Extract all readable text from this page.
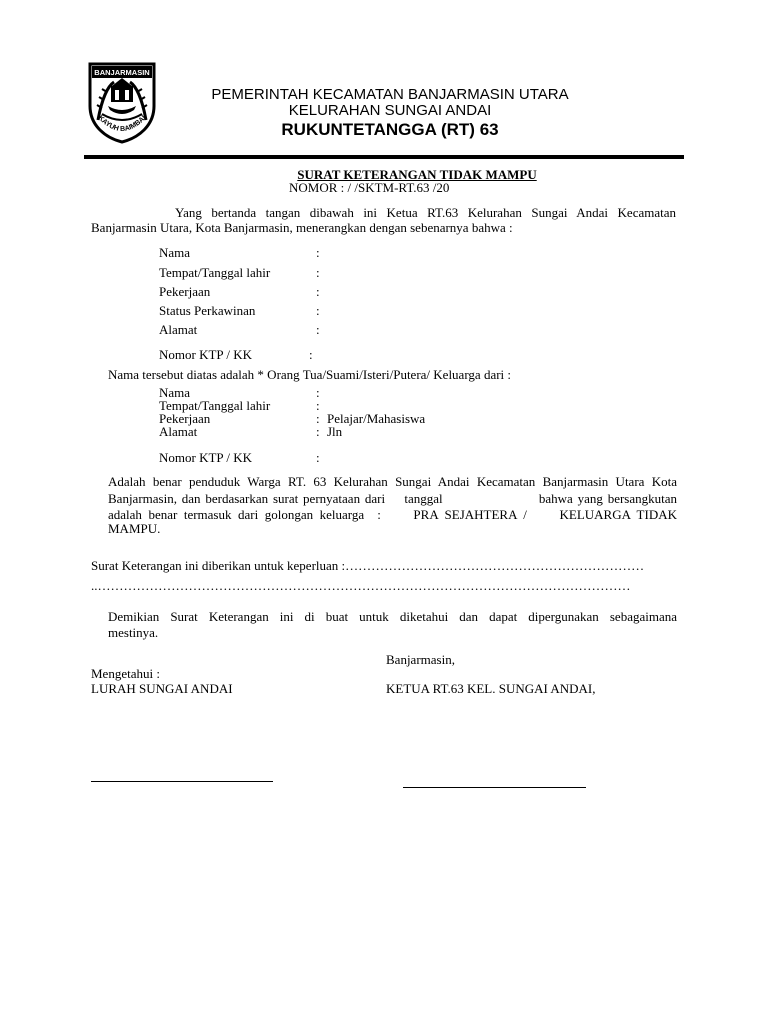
BANJARMASIN
KAYUH BAIMBAI
PEMERINTAH KECAMATAN BANJARMASIN UTARA
KELURAHAN SUNGAI ANDAI
RUKUNTETANGGA (RT) 63
SURAT KETERANGAN TIDAK MAMPU
NOMOR : / /SKTM-RT.63 /20
Yang bertanda tangan dibawah ini Ketua RT.63 Kelurahan Sungai Andai Kecamatan
Banjarmasin Utara, Kota Banjarmasin, menerangkan dengan sebenarnya bahwa :
Nama	:
Tempat/Tanggal lahir	:
Pekerjaan	:
Status Perkawinan	:
Alamat	:
Nomor KTP / KK	:
Nama tersebut diatas adalah * Orang Tua/Suami/Isteri/Putera/ Keluarga dari :
Nama	:
Tempat/Tanggal lahir	:
Pekerjaan	: Pelajar/Mahasiswa
Alamat	: Jln
Nomor KTP / KK	:
Adalah benar penduduk Warga RT. 63 Kelurahan Sungai Andai Kecamatan Banjarmasin Utara Kota
Banjarmasin, dan berdasarkan surat pernyataan dari    tanggal                    bahwa yang bersangkutan
adalah benar termasuk dari golongan keluarga  :     PRA SEJAHTERA /     KELUARGA TIDAK
MAMPU.
Surat Keterangan ini diberikan untuk keperluan :……………………………………………………………
..……………………………………………………………………………………………………………
Demikian Surat Keterangan ini di buat untuk diketahui dan dapat dipergunakan sebagaimana
mestinya.
Banjarmasin,
Mengetahui :
LURAH SUNGAI ANDAI	KETUA RT.63 KEL. SUNGAI ANDAI,
